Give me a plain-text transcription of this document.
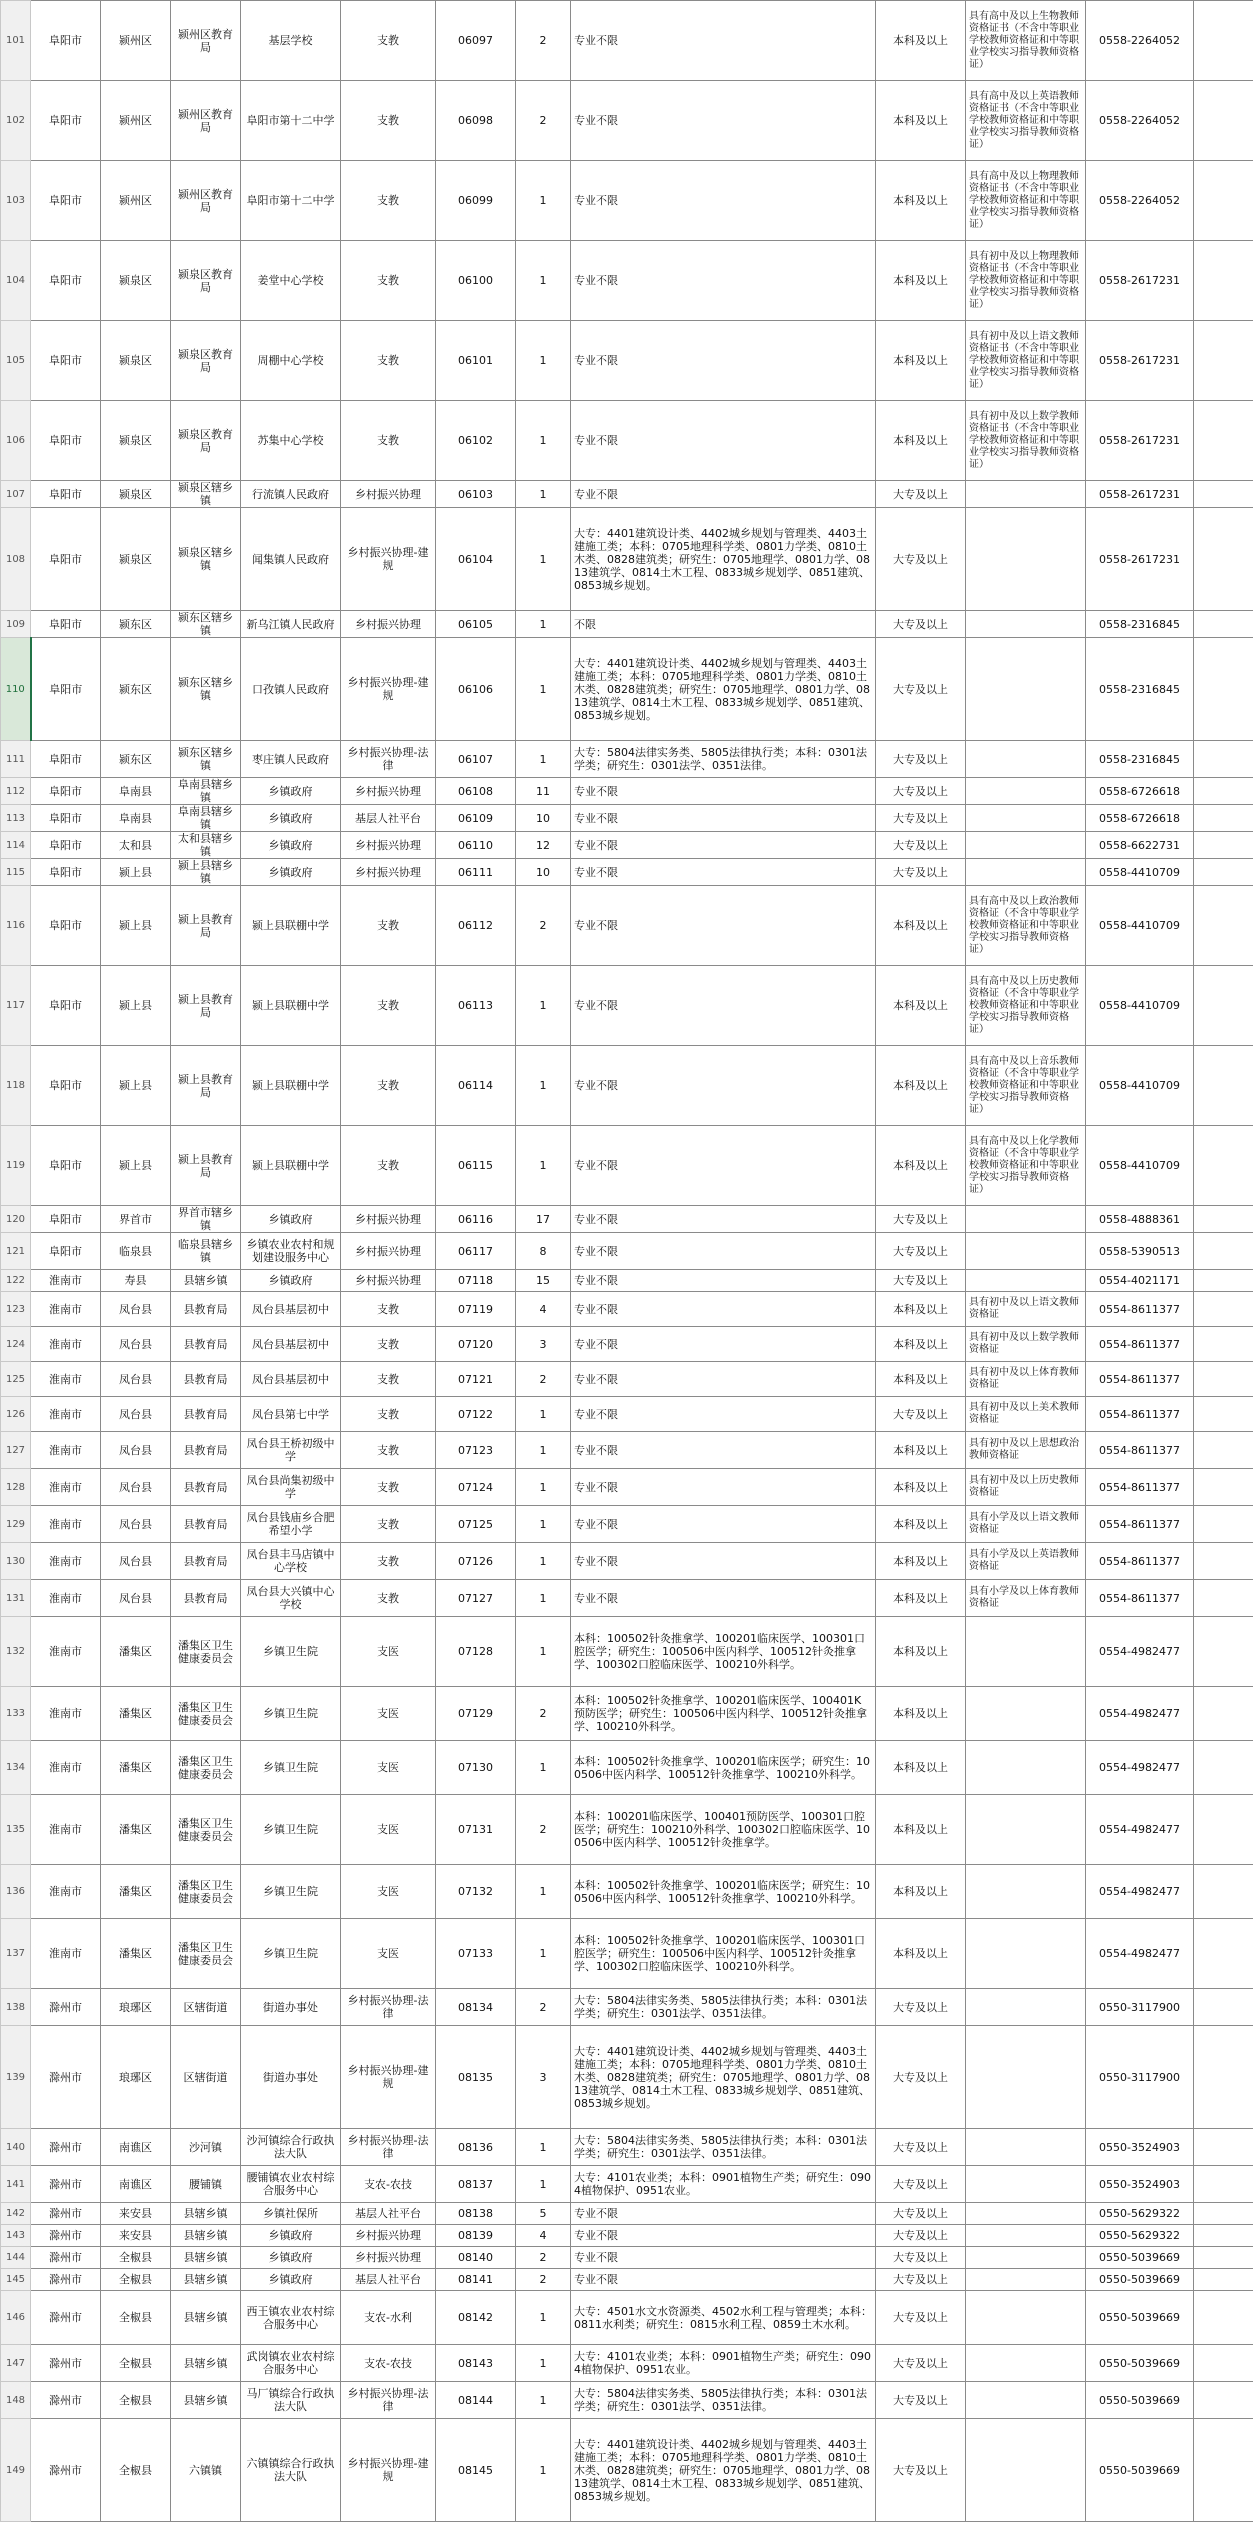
101	阜阳市	颍州区	颍州区教育局	基层学校	支教	06097	2	专业不限	本科及以上	具有高中及以上生物教师资格证书（不含中等职业学校教师资格证和中等职业学校实习指导教师资格证）	0558-2264052	
102	阜阳市	颍州区	颍州区教育局	阜阳市第十二中学	支教	06098	2	专业不限	本科及以上	具有高中及以上英语教师资格证书（不含中等职业学校教师资格证和中等职业学校实习指导教师资格证）	0558-2264052	
103	阜阳市	颍州区	颍州区教育局	阜阳市第十二中学	支教	06099	1	专业不限	本科及以上	具有高中及以上物理教师资格证书（不含中等职业学校教师资格证和中等职业学校实习指导教师资格证）	0558-2264052	
104	阜阳市	颍泉区	颍泉区教育局	姜堂中心学校	支教	06100	1	专业不限	本科及以上	具有初中及以上物理教师资格证书（不含中等职业学校教师资格证和中等职业学校实习指导教师资格证）	0558-2617231	
105	阜阳市	颍泉区	颍泉区教育局	周棚中心学校	支教	06101	1	专业不限	本科及以上	具有初中及以上语文教师资格证书（不含中等职业学校教师资格证和中等职业学校实习指导教师资格证）	0558-2617231	
106	阜阳市	颍泉区	颍泉区教育局	苏集中心学校	支教	06102	1	专业不限	本科及以上	具有初中及以上数学教师资格证书（不含中等职业学校教师资格证和中等职业学校实习指导教师资格证）	0558-2617231	
107	阜阳市	颍泉区	颍泉区辖乡镇	行流镇人民政府	乡村振兴协理	06103	1	专业不限	大专及以上		0558-2617231	
108	阜阳市	颍泉区	颍泉区辖乡镇	闻集镇人民政府	乡村振兴协理-建规	06104	1	大专：4401建筑设计类、4402城乡规划与管理类、4403土建施工类；本科：0705地理科学类、0801力学类、0810土木类、0828建筑类；研究生：0705地理学、0801力学、0813建筑学、0814土木工程、0833城乡规划学、0851建筑、0853城乡规划。	大专及以上		0558-2617231	
109	阜阳市	颍东区	颍东区辖乡镇	新乌江镇人民政府	乡村振兴协理	06105	1	不限	大专及以上		0558-2316845	
110	阜阳市	颍东区	颍东区辖乡镇	口孜镇人民政府	乡村振兴协理-建规	06106	1	大专：4401建筑设计类、4402城乡规划与管理类、4403土建施工类；本科：0705地理科学类、0801力学类、0810土木类、0828建筑类；研究生：0705地理学、0801力学、0813建筑学、0814土木工程、0833城乡规划学、0851建筑、0853城乡规划。	大专及以上		0558-2316845	
111	阜阳市	颍东区	颍东区辖乡镇	枣庄镇人民政府	乡村振兴协理-法律	06107	1	大专：5804法律实务类、5805法律执行类；本科：0301法学类；研究生：0301法学、0351法律。	大专及以上		0558-2316845	
112	阜阳市	阜南县	阜南县辖乡镇	乡镇政府	乡村振兴协理	06108	11	专业不限	大专及以上		0558-6726618	
113	阜阳市	阜南县	阜南县辖乡镇	乡镇政府	基层人社平台	06109	10	专业不限	大专及以上		0558-6726618	
114	阜阳市	太和县	太和县辖乡镇	乡镇政府	乡村振兴协理	06110	12	专业不限	大专及以上		0558-6622731	
115	阜阳市	颍上县	颍上县辖乡镇	乡镇政府	乡村振兴协理	06111	10	专业不限	大专及以上		0558-4410709	
116	阜阳市	颍上县	颍上县教育局	颍上县联棚中学	支教	06112	2	专业不限	本科及以上	具有高中及以上政治教师资格证（不含中等职业学校教师资格证和中等职业学校实习指导教师资格证）	0558-4410709	
117	阜阳市	颍上县	颍上县教育局	颍上县联棚中学	支教	06113	1	专业不限	本科及以上	具有高中及以上历史教师资格证（不含中等职业学校教师资格证和中等职业学校实习指导教师资格证）	0558-4410709	
118	阜阳市	颍上县	颍上县教育局	颍上县联棚中学	支教	06114	1	专业不限	本科及以上	具有高中及以上音乐教师资格证（不含中等职业学校教师资格证和中等职业学校实习指导教师资格证）	0558-4410709	
119	阜阳市	颍上县	颍上县教育局	颍上县联棚中学	支教	06115	1	专业不限	本科及以上	具有高中及以上化学教师资格证（不含中等职业学校教师资格证和中等职业学校实习指导教师资格证）	0558-4410709	
120	阜阳市	界首市	界首市辖乡镇	乡镇政府	乡村振兴协理	06116	17	专业不限	大专及以上		0558-4888361	
121	阜阳市	临泉县	临泉县辖乡镇	乡镇农业农村和规划建设服务中心	乡村振兴协理	06117	8	专业不限	大专及以上		0558-5390513	
122	淮南市	寿县	县辖乡镇	乡镇政府	乡村振兴协理	07118	15	专业不限	大专及以上		0554-4021171	
123	淮南市	凤台县	县教育局	凤台县基层初中	支教	07119	4	专业不限	本科及以上	具有初中及以上语文教师资格证	0554-8611377	
124	淮南市	凤台县	县教育局	凤台县基层初中	支教	07120	3	专业不限	本科及以上	具有初中及以上数学教师资格证	0554-8611377	
125	淮南市	凤台县	县教育局	凤台县基层初中	支教	07121	2	专业不限	本科及以上	具有初中及以上体育教师资格证	0554-8611377	
126	淮南市	凤台县	县教育局	凤台县第七中学	支教	07122	1	专业不限	大专及以上	具有初中及以上美术教师资格证	0554-8611377	
127	淮南市	凤台县	县教育局	凤台县王桥初级中学	支教	07123	1	专业不限	本科及以上	具有初中及以上思想政治教师资格证	0554-8611377	
128	淮南市	凤台县	县教育局	凤台县尚集初级中学	支教	07124	1	专业不限	本科及以上	具有初中及以上历史教师资格证	0554-8611377	
129	淮南市	凤台县	县教育局	凤台县钱庙乡合肥希望小学	支教	07125	1	专业不限	本科及以上	具有小学及以上语文教师资格证	0554-8611377	
130	淮南市	凤台县	县教育局	凤台县丰马店镇中心学校	支教	07126	1	专业不限	本科及以上	具有小学及以上英语教师资格证	0554-8611377	
131	淮南市	凤台县	县教育局	凤台县大兴镇中心学校	支教	07127	1	专业不限	本科及以上	具有小学及以上体育教师资格证	0554-8611377	
132	淮南市	潘集区	潘集区卫生健康委员会	乡镇卫生院	支医	07128	1	本科：100502针灸推拿学、100201临床医学、100301口腔医学；研究生：100506中医内科学、100512针灸推拿学、100302口腔临床医学、100210外科学。	本科及以上		0554-4982477	
133	淮南市	潘集区	潘集区卫生健康委员会	乡镇卫生院	支医	07129	2	本科：100502针灸推拿学、100201临床医学、100401K预防医学；研究生：100506中医内科学、100512针灸推拿学、100210外科学。	本科及以上		0554-4982477	
134	淮南市	潘集区	潘集区卫生健康委员会	乡镇卫生院	支医	07130	1	本科：100502针灸推拿学、100201临床医学；研究生：100506中医内科学、100512针灸推拿学、100210外科学。	本科及以上		0554-4982477	
135	淮南市	潘集区	潘集区卫生健康委员会	乡镇卫生院	支医	07131	2	本科：100201临床医学、100401预防医学、100301口腔医学；研究生：100210外科学、100302口腔临床医学、100506中医内科学、100512针灸推拿学。	本科及以上		0554-4982477	
136	淮南市	潘集区	潘集区卫生健康委员会	乡镇卫生院	支医	07132	1	本科：100502针灸推拿学、100201临床医学；研究生：100506中医内科学、100512针灸推拿学、100210外科学。	本科及以上		0554-4982477	
137	淮南市	潘集区	潘集区卫生健康委员会	乡镇卫生院	支医	07133	1	本科：100502针灸推拿学、100201临床医学、100301口腔医学；研究生：100506中医内科学、100512针灸推拿学、100302口腔临床医学、100210外科学。	本科及以上		0554-4982477	
138	滁州市	琅琊区	区辖街道	街道办事处	乡村振兴协理-法律	08134	2	大专：5804法律实务类、5805法律执行类；本科：0301法学类；研究生：0301法学、0351法律。	大专及以上		0550-3117900	
139	滁州市	琅琊区	区辖街道	街道办事处	乡村振兴协理-建规	08135	3	大专：4401建筑设计类、4402城乡规划与管理类、4403土建施工类；本科：0705地理科学类、0801力学类、0810土木类、0828建筑类；研究生：0705地理学、0801力学、0813建筑学、0814土木工程、0833城乡规划学、0851建筑、0853城乡规划。	大专及以上		0550-3117900	
140	滁州市	南谯区	沙河镇	沙河镇综合行政执法大队	乡村振兴协理-法律	08136	1	大专：5804法律实务类、5805法律执行类；本科：0301法学类；研究生：0301法学、0351法律。	大专及以上		0550-3524903	
141	滁州市	南谯区	腰铺镇	腰铺镇农业农村综合服务中心	支农-农技	08137	1	大专：4101农业类；本科：0901植物生产类；研究生：0904植物保护、0951农业。	大专及以上		0550-3524903	
142	滁州市	来安县	县辖乡镇	乡镇社保所	基层人社平台	08138	5	专业不限	大专及以上		0550-5629322	
143	滁州市	来安县	县辖乡镇	乡镇政府	乡村振兴协理	08139	4	专业不限	大专及以上		0550-5629322	
144	滁州市	全椒县	县辖乡镇	乡镇政府	乡村振兴协理	08140	2	专业不限	大专及以上		0550-5039669	
145	滁州市	全椒县	县辖乡镇	乡镇政府	基层人社平台	08141	2	专业不限	大专及以上		0550-5039669	
146	滁州市	全椒县	县辖乡镇	西王镇农业农村综合服务中心	支农-水利	08142	1	大专：4501水文水资源类、4502水利工程与管理类；本科：0811水利类；研究生：0815水利工程、0859土木水利。	大专及以上		0550-5039669	
147	滁州市	全椒县	县辖乡镇	武岗镇农业农村综合服务中心	支农-农技	08143	1	大专：4101农业类；本科：0901植物生产类；研究生：0904植物保护、0951农业。	大专及以上		0550-5039669	
148	滁州市	全椒县	县辖乡镇	马厂镇综合行政执法大队	乡村振兴协理-法律	08144	1	大专：5804法律实务类、5805法律执行类；本科：0301法学类；研究生：0301法学、0351法律。	大专及以上		0550-5039669	
149	滁州市	全椒县	六镇镇	六镇镇综合行政执法大队	乡村振兴协理-建规	08145	1	大专：4401建筑设计类、4402城乡规划与管理类、4403土建施工类；本科：0705地理科学类、0801力学类、0810土木类、0828建筑类；研究生：0705地理学、0801力学、0813建筑学、0814土木工程、0833城乡规划学、0851建筑、0853城乡规划。	大专及以上		0550-5039669	
